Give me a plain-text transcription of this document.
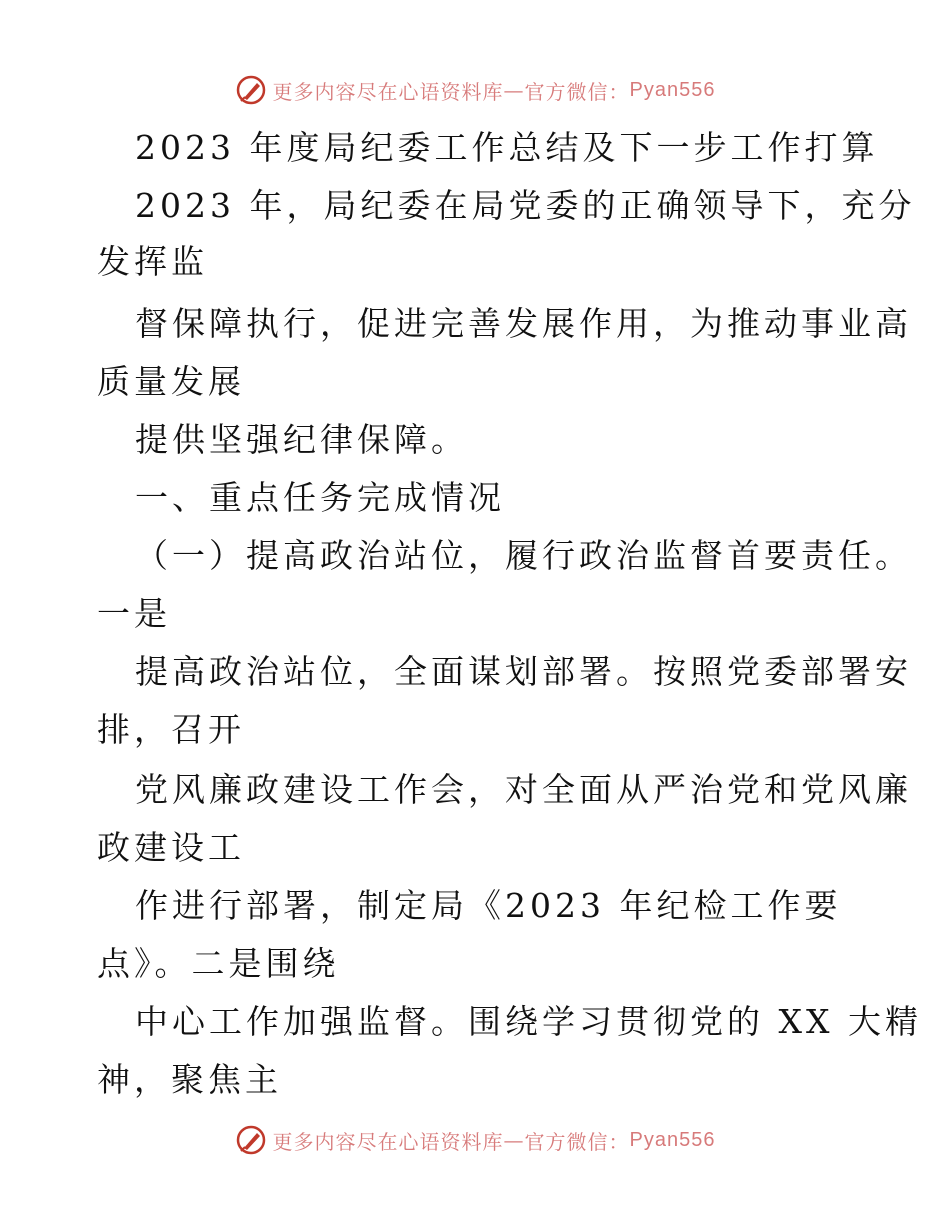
更多内容尽在心语资料库 — 官方微信： Pyan556
2023 年度局纪委工作总结及下一步工作打算
2023 年，局纪委在局党委的正确领导下，充分
发挥监
督保障执行，促进完善发展作用，为推动事业高
质量发展
提供坚强纪律保障。
一、重点任务完成情况
（一）提高政治站位，履行政治监督首要责任。
一是
提高政治站位，全面谋划部署。按照党委部署安
排，召开
党风廉政建设工作会，对全面从严治党和党风廉
政建设工
作进行部署，制定局《2023 年纪检工作要
点》。二是围绕
中心工作加强监督。围绕学习贯彻党的 XX 大精
神，聚焦主
更多内容尽在心语资料库 — 官方微信： Pyan556
